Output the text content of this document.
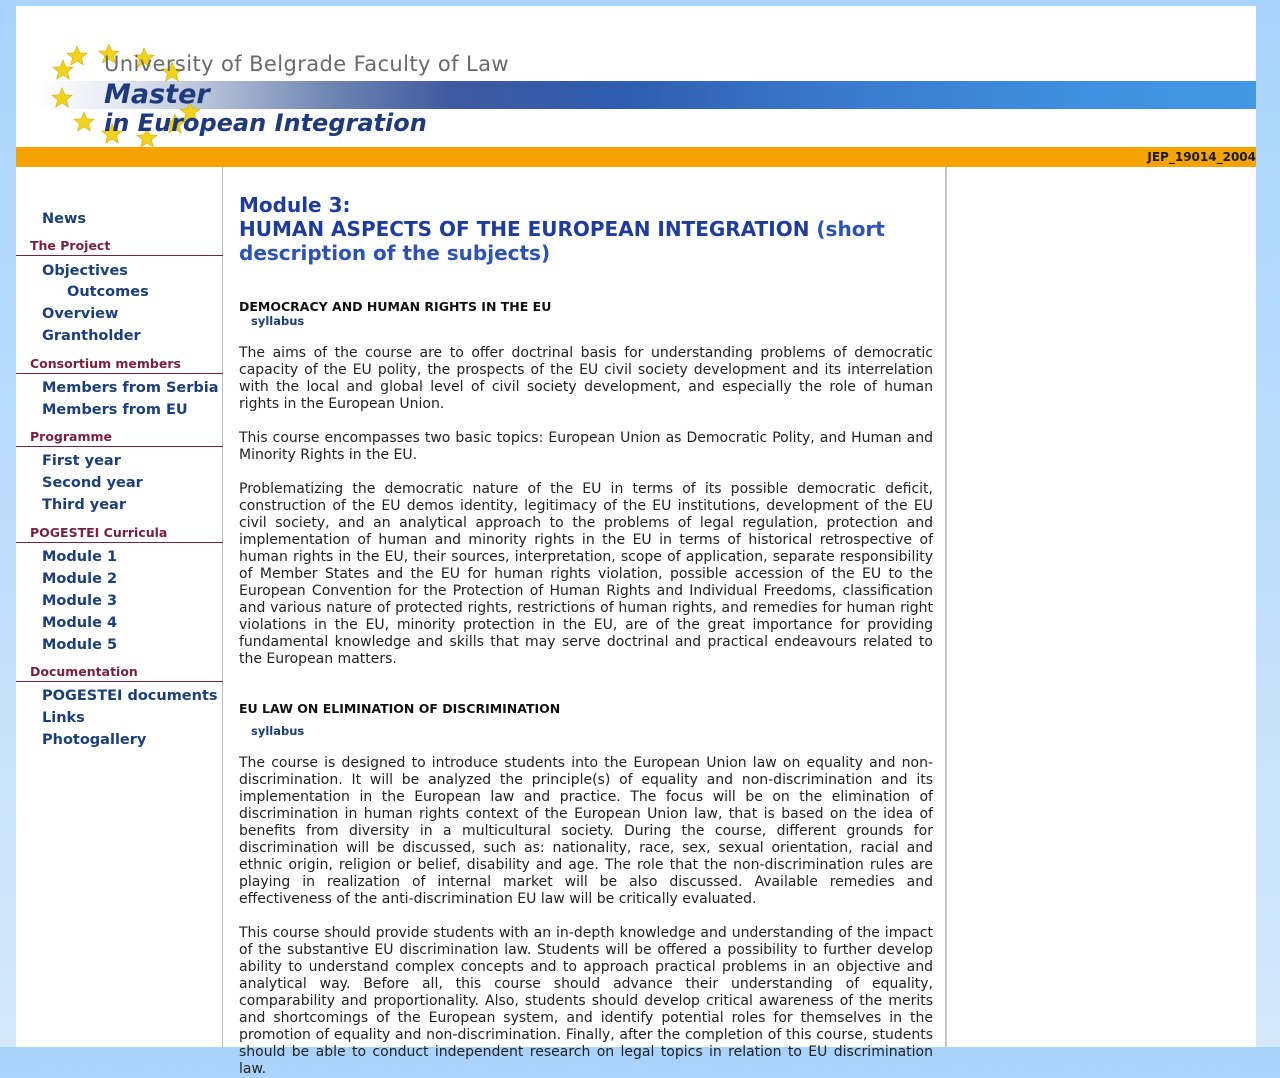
University of Belgrade Faculty of Law
Master
in European Integration
JEP_19014_2004
News
The Project
Objectives
Outcomes
Overview
Grantholder
Consortium members
Members from Serbia
Members from EU
Programme
First year
Second year
Third year
POGESTEI Curricula
Module 1
Module 2
Module 3
Module 4
Module 5
Documentation
POGESTEI documents
Links
Photogallery
Module 3:
HUMAN ASPECTS OF THE EUROPEAN INTEGRATION (short description of the subjects)
DEMOCRACY AND HUMAN RIGHTS IN THE EU
syllabus

The aims of the course are to offer doctrinal basis for understanding problems of democratic capacity of the EU polity, the prospects of the EU civil society development and its interrelation with the local and global level of civil society development, and especially the role of human rights in the European Union.

This course encompasses two basic topics: European Union as Democratic Polity, and Human and Minority Rights in the EU.

Problematizing the democratic nature of the EU in terms of its possible democratic deficit, construction of the EU demos identity, legitimacy of the EU institutions, development of the EU civil society, and an analytical approach to the problems of legal regulation, protection and implementation of human and minority rights in the EU in terms of historical retrospective of human rights in the EU, their sources, interpretation, scope of application, separate responsibility of Member States and the EU for human rights violation, possible accession of the EU to the European Convention for the Protection of Human Rights and Individual Freedoms, classification and various nature of protected rights, restrictions of human rights, and remedies for human right violations in the EU, minority protection in the EU, are of the great importance for providing fundamental knowledge and skills that may serve doctrinal and practical endeavours related to the European matters.

EU LAW ON ELIMINATION OF DISCRIMINATION
syllabus

The course is designed to introduce students into the European Union law on equality and non-discrimination. It will be analyzed the principle(s) of equality and non-discrimination and its implementation in the European law and practice. The focus will be on the elimination of discrimination in human rights context of the European Union law, that is based on the idea of benefits from diversity in a multicultural society. During the course, different grounds for discrimination will be discussed, such as: nationality, race, sex, sexual orientation, racial and ethnic origin, religion or belief, disability and age. The role that the non-discrimination rules are playing in realization of internal market will be also discussed. Available remedies and effectiveness of the anti-discrimination EU law will be critically evaluated.

This course should provide students with an in-depth knowledge and understanding of the impact of the substantive EU discrimination law. Students will be offered a possibility to further develop ability to understand complex concepts and to approach practical problems in an objective and analytical way. Before all, this course should advance their understanding of equality, comparability and proportionality. Also, students should develop critical awareness of the merits and shortcomings of the European system, and identify potential roles for themselves in the promotion of equality and non-discrimination. Finally, after the completion of this course, students should be able to conduct independent research on legal topics in relation to EU discrimination law.
